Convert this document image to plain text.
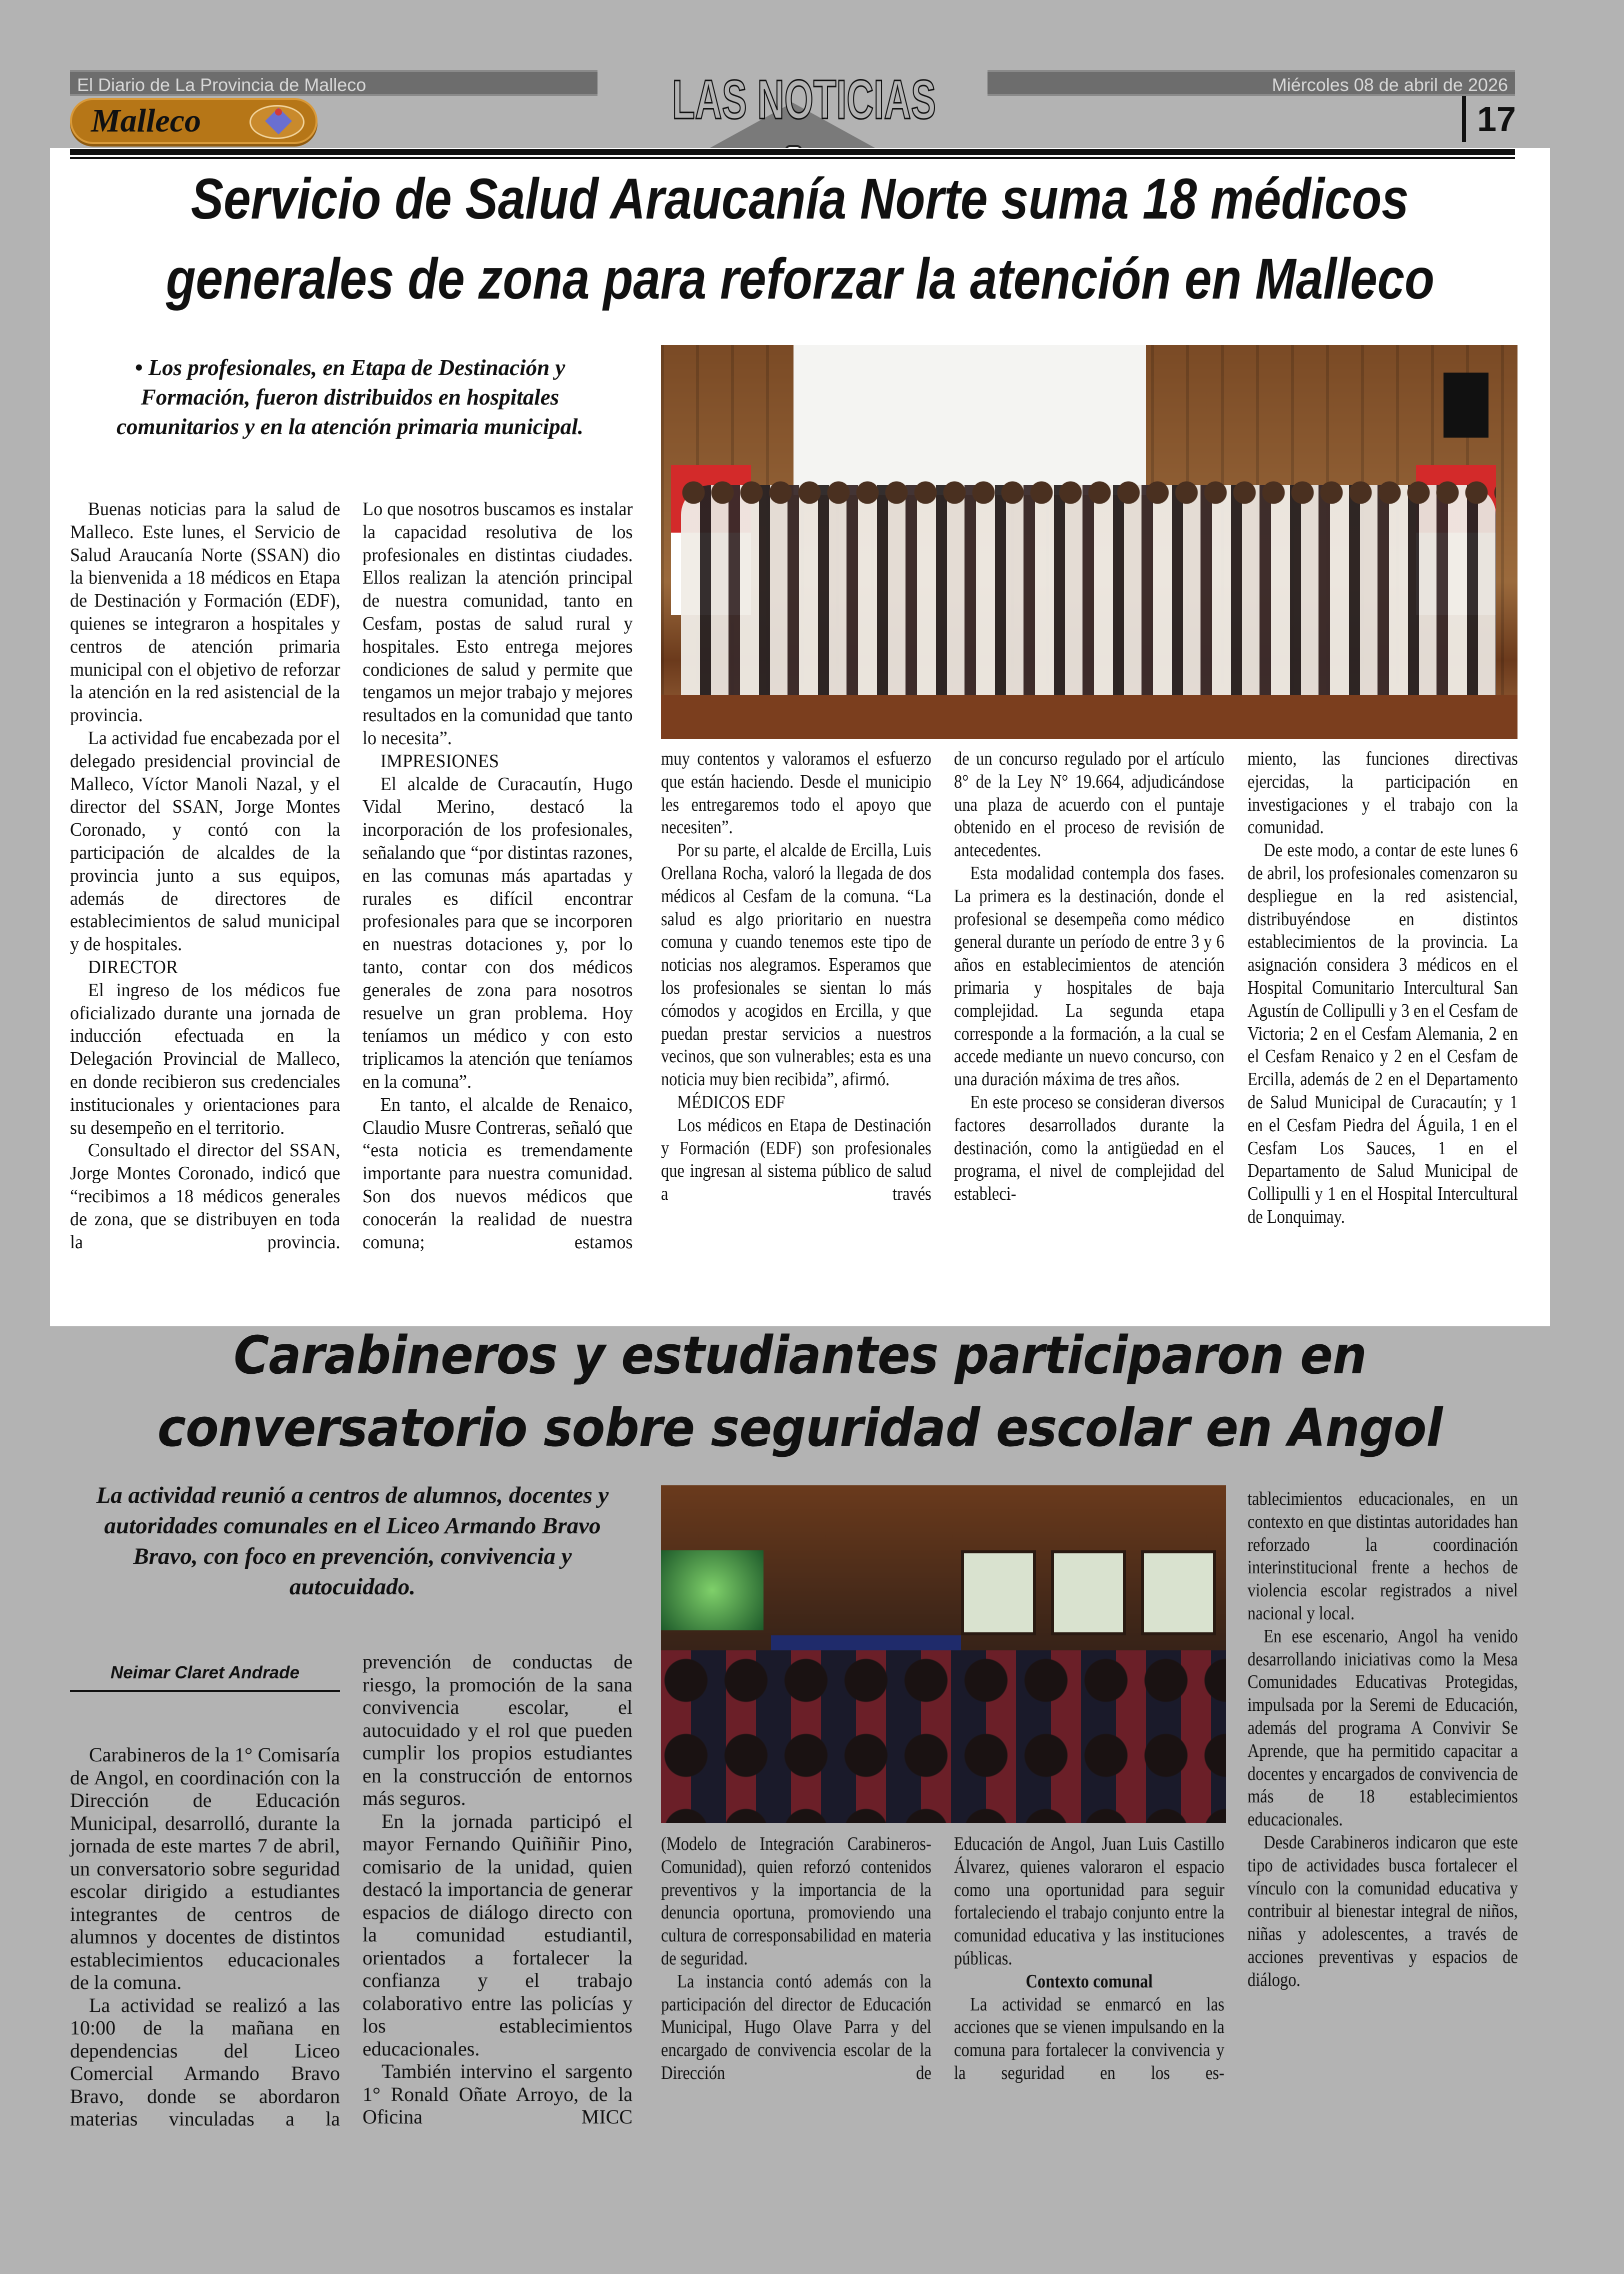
El Diario de La Provincia de Malleco	Miércoles 08 de abril de 2026
Malleco	LAS NOTICIAS	17
Servicio de Salud Araucanía Norte suma 18 médicos
generales de zona para reforzar la atención en Malleco
• Los profesionales, en Etapa de Destinación y Formación, fueron distribuidos en hospitales comunitarios y en la atención primaria municipal.

Buenas noticias para la salud de Malleco. Este lunes, el Servicio de Salud Araucanía Norte (SSAN) dio la bienvenida a 18 médicos en Etapa de Destinación y Formación (EDF), quienes se integraron a hospitales y centros de atención primaria municipal con el objetivo de reforzar la atención en la red asistencial de la provincia.

La actividad fue encabezada por el delegado presidencial provincial de Malleco, Víctor Manoli Nazal, y el director del SSAN, Jorge Montes Coronado, y contó con la participación de alcaldes de la provincia junto a sus equipos, además de directores de establecimientos de salud municipal y de hospitales.

DIRECTOR

El ingreso de los médicos fue oficializado durante una jornada de inducción efectuada en la Delegación Provincial de Malleco, en donde recibieron sus credenciales institucionales y orientaciones para su desempeño en el territorio.

Consultado el director del SSAN, Jorge Montes Coronado, indicó que “recibimos a 18 médicos generales de zona, que se distribuyen en toda la provincia.

Lo que nosotros buscamos es instalar la capacidad resolutiva de los profesionales en distintas ciudades. Ellos realizan la atención principal de nuestra comunidad, tanto en Cesfam, postas de salud rural y hospitales. Esto entrega mejores condiciones de salud y permite que tengamos un mejor trabajo y mejores resultados en la comunidad que tanto lo necesita”.

IMPRESIONES

El alcalde de Curacautín, Hugo Vidal Merino, destacó la incorporación de los profesionales, señalando que “por distintas razones, en las comunas más apartadas y rurales es difícil encontrar profesionales para que se incorporen en nuestras dotaciones y, por lo tanto, contar con dos médicos generales de zona para nosotros resuelve un gran problema. Hoy teníamos un médico y con esto triplicamos la atención que teníamos en la comuna”.

En tanto, el alcalde de Renaico, Claudio Musre Contreras, señaló que “esta noticia es tremendamente importante para nuestra comunidad. Son dos nuevos médicos que conocerán la realidad de nuestra comuna; estamos

muy contentos y valoramos el esfuerzo que están haciendo. Desde el municipio les entregaremos todo el apoyo que necesiten”.

Por su parte, el alcalde de Ercilla, Luis Orellana Rocha, valoró la llegada de dos médicos al Cesfam de la comuna. “La salud es algo prioritario en nuestra comuna y cuando tenemos este tipo de noticias nos alegramos. Esperamos que los profesionales se sientan lo más cómodos y acogidos en Ercilla, y que puedan prestar servicios a nuestros vecinos, que son vulnerables; esta es una noticia muy bien recibida”, afirmó.

MÉDICOS EDF

Los médicos en Etapa de Destinación y Formación (EDF) son profesionales que ingresan al sistema público de salud a través

de un concurso regulado por el artículo 8° de la Ley N° 19.664, adjudicándose una plaza de acuerdo con el puntaje obtenido en el proceso de revisión de antecedentes.

Esta modalidad contempla dos fases. La primera es la destinación, donde el profesional se desempeña como médico general durante un período de entre 3 y 6 años en establecimientos de atención primaria y hospitales de baja complejidad. La segunda etapa corresponde a la formación, a la cual se accede mediante un nuevo concurso, con una duración máxima de tres años.

En este proceso se consideran diversos factores desarrollados durante la destinación, como la antigüedad en el programa, el nivel de complejidad del estableci-

miento, las funciones directivas ejercidas, la participación en investigaciones y el trabajo con la comunidad.

De este modo, a contar de este lunes 6 de abril, los profesionales comenzaron su despliegue en la red asistencial, distribuyéndose en distintos establecimientos de la provincia. La asignación considera 3 médicos en el Hospital Comunitario Intercultural San Agustín de Collipulli y 3 en el Cesfam de Victoria; 2 en el Cesfam Alemania, 2 en el Cesfam Renaico y 2 en el Cesfam de Ercilla, además de 2 en el Departamento de Salud Municipal de Curacautín; y 1 en el Cesfam Piedra del Águila, 1 en el Cesfam Los Sauces, 1 en el Departamento de Salud Municipal de Collipulli y 1 en el Hospital Intercultural de Lonquimay.

Carabineros y estudiantes participaron en
conversatorio sobre seguridad escolar en Angol
La actividad reunió a centros de alumnos, docentes y autoridades comunales en el Liceo Armando Bravo Bravo, con foco en prevención, convivencia y autocuidado.
Neimar Claret Andrade

Carabineros de la 1° Comisaría de Angol, en coordinación con la Dirección de Educación Municipal, desarrolló, durante la jornada de este martes 7 de abril, un conversatorio sobre seguridad escolar dirigido a estudiantes integrantes de centros de alumnos y docentes de distintos establecimientos educacionales de la comuna.

La actividad se realizó a las 10:00 de la mañana en dependencias del Liceo Comercial Armando Bravo Bravo, donde se abordaron materias vinculadas a la

prevención de conductas de riesgo, la promoción de la sana convivencia escolar, el autocuidado y el rol que pueden cumplir los propios estudiantes en la construcción de entornos más seguros.

En la jornada participó el mayor Fernando Quiñiñir Pino, comisario de la unidad, quien destacó la importancia de generar espacios de diálogo directo con la comunidad estudiantil, orientados a fortalecer la confianza y el trabajo colaborativo entre las policías y los establecimientos educacionales.

También intervino el sargento 1° Ronald Oñate Arroyo, de la Oficina MICC

(Modelo de Integración Carabineros-Comunidad), quien reforzó contenidos preventivos y la importancia de la denuncia oportuna, promoviendo una cultura de corresponsabilidad en materia de seguridad.

La instancia contó además con la participación del director de Educación Municipal, Hugo Olave Parra y del encargado de convivencia escolar de la Dirección de

Educación de Angol, Juan Luis Castillo Álvarez, quienes valoraron el espacio como una oportunidad para seguir fortaleciendo el trabajo conjunto entre la comunidad educativa y las instituciones públicas.

Contexto comunal

La actividad se enmarcó en las acciones que se vienen impulsando en la comuna para fortalecer la convivencia y la seguridad en los es-

tablecimientos educacionales, en un contexto en que distintas autoridades han reforzado la coordinación interinstitucional frente a hechos de violencia escolar registrados a nivel nacional y local.

En ese escenario, Angol ha venido desarrollando iniciativas como la Mesa Comunidades Educativas Protegidas, impulsada por la Seremi de Educación, además del programa A Convivir Se Aprende, que ha permitido capacitar a docentes y encargados de convivencia de más de 18 establecimientos educacionales.

Desde Carabineros indicaron que este tipo de actividades busca fortalecer el vínculo con la comunidad educativa y contribuir al bienestar integral de niños, niñas y adolescentes, a través de acciones preventivas y espacios de diálogo.
